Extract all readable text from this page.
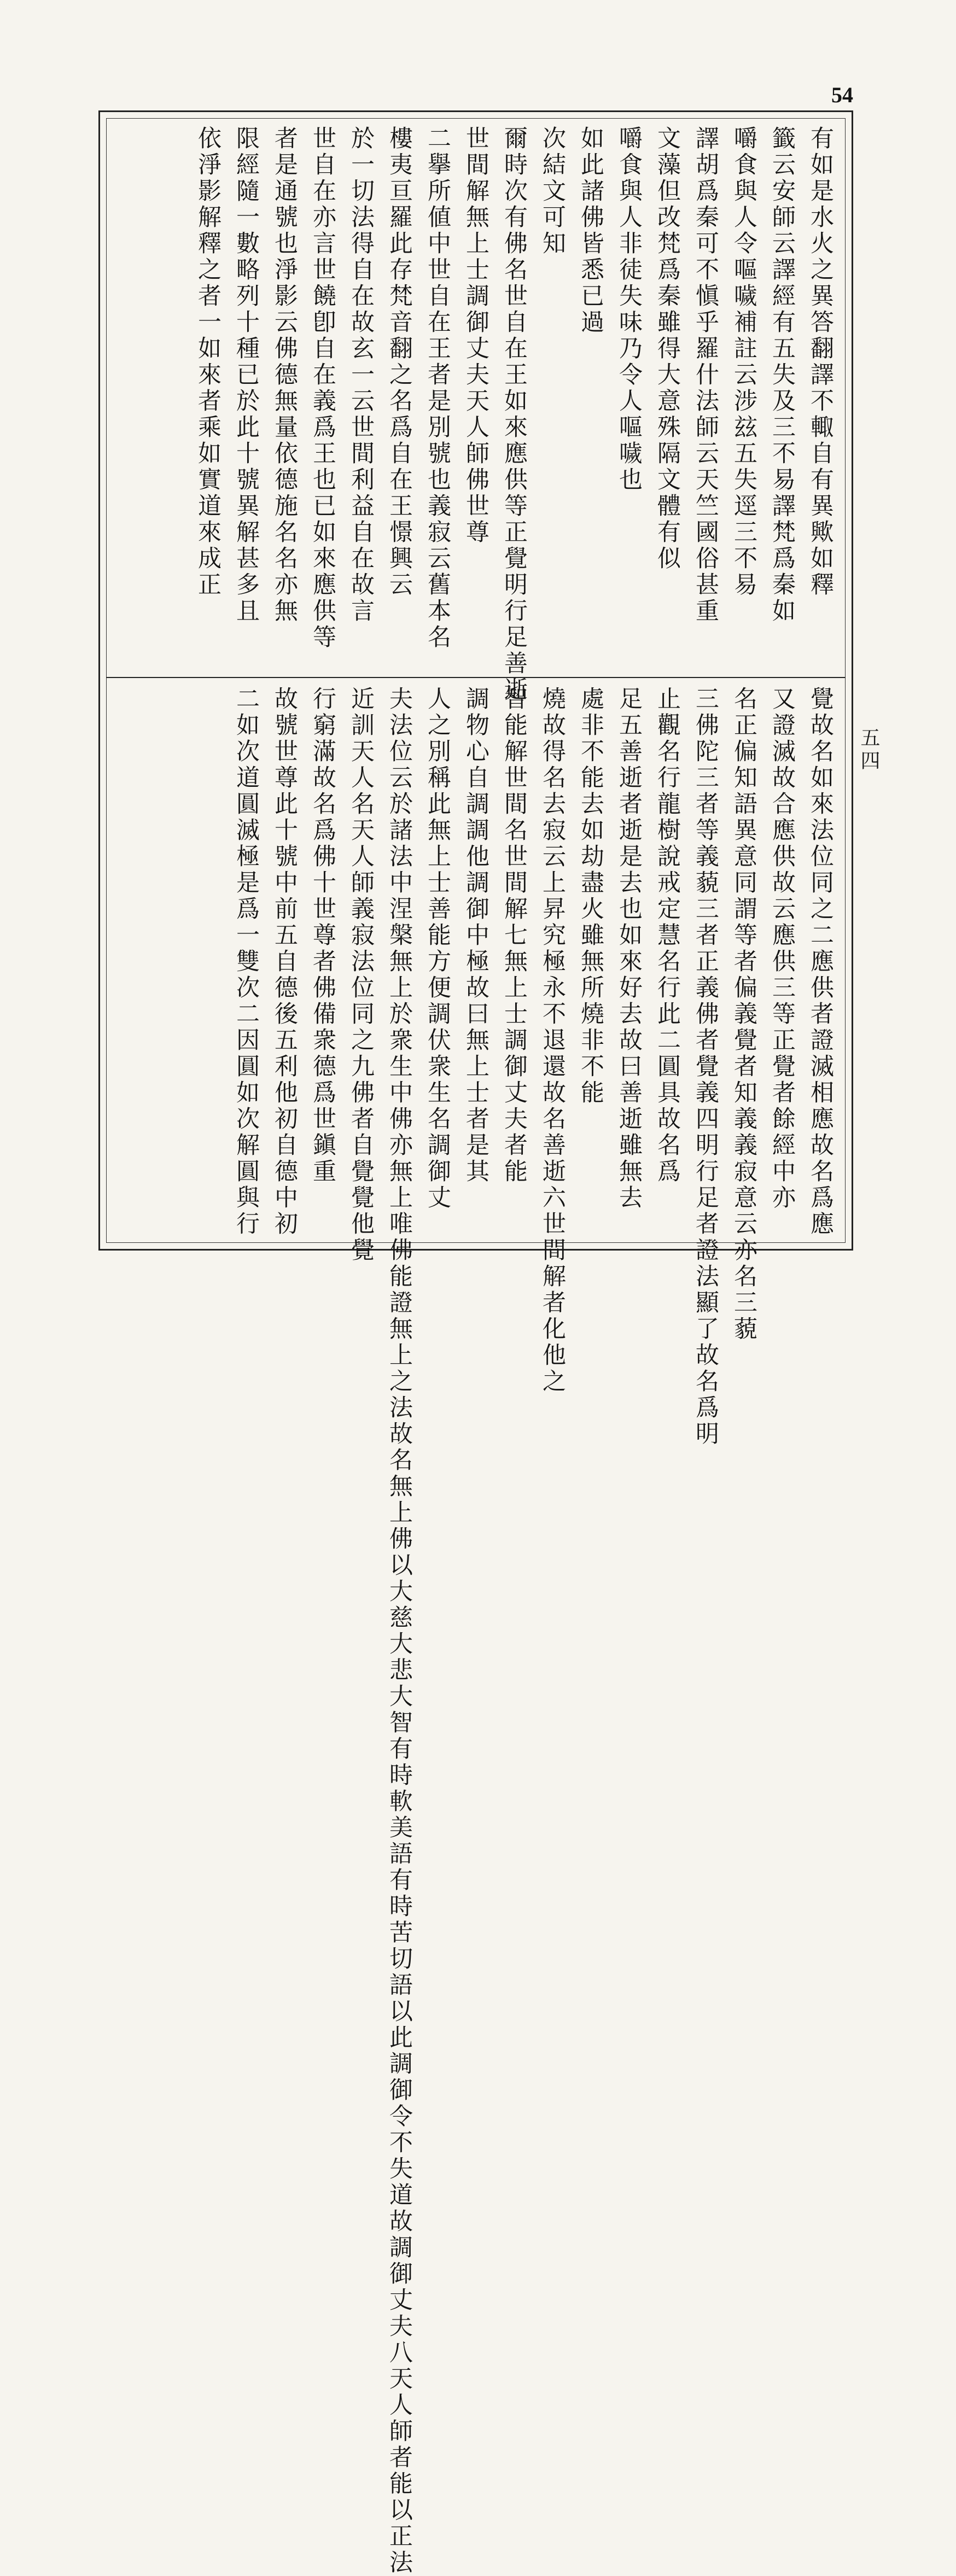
54
有如是水火之異答翻譯不輙自有異歟如釋
籤云安師云譯經有五失及三不易譯梵爲秦如
嚼食與人令嘔噦補註云涉玆五失逕三不易
譯胡爲秦可不愼乎羅什法師云天竺國俗甚重
文藻但改梵爲秦雖得大意殊隔文體有似
嚼食與人非徒失味乃令人嘔噦也
如此諸佛皆悉已過
次結文可知
爾時次有佛名世自在王如來應供等正覺明行足善逝
世間解無上士調御丈夫天人師佛世尊
二擧所値中世自在王者是別號也義寂云舊本名
樓夷亘羅此存梵音翻之名爲自在王憬興云
於一切法得自在故玄一云世間利益自在故言
世自在亦言世饒卽自在義爲王也已如來應供等
者是通號也淨影云佛德無量依德施名名亦無
限經隨一數略列十種已於此十號異解甚多且
依淨影解釋之者一如來者乘如實道來成正
覺故名如來法位同之二應供者證滅相應故名爲應
又證滅故合應供故云應供三等正覺者餘經中亦
名正偏知語異意同謂等者偏義覺者知義義寂意云亦名三藐
三佛陀三者等義藐三者正義佛者覺義四明行足者證法顯了故名爲明
止觀名行龍樹說戒定慧名行此二圓具故名爲
足五善逝者逝是去也如來好去故曰善逝雖無去
處非不能去如劫盡火雖無所燒非不能
燒故得名去寂云上昇究極永不退還故名善逝六世間解者化他之
智能解世間名世間解七無上士調御丈夫者能
調物心自調調他調御中極故曰無上士者是其
人之別稱此無上士善能方便調伏衆生名調御丈
夫法位云於諸法中涅槃無上於衆生中佛亦無上唯佛能證無上之法故名無上佛以大慈大悲大智有時軟美語有時苦切語以此調御令不失道故調御丈夫八天人師者能以正法
近訓天人名天人師義寂法位同之九佛者自覺覺他覺
行窮滿故名爲佛十世尊者佛備衆德爲世鎭重
故號世尊此十號中前五自德後五利他初自德中初
二如次道圓滅極是爲一雙次二因圓如次解圓與行	五四
